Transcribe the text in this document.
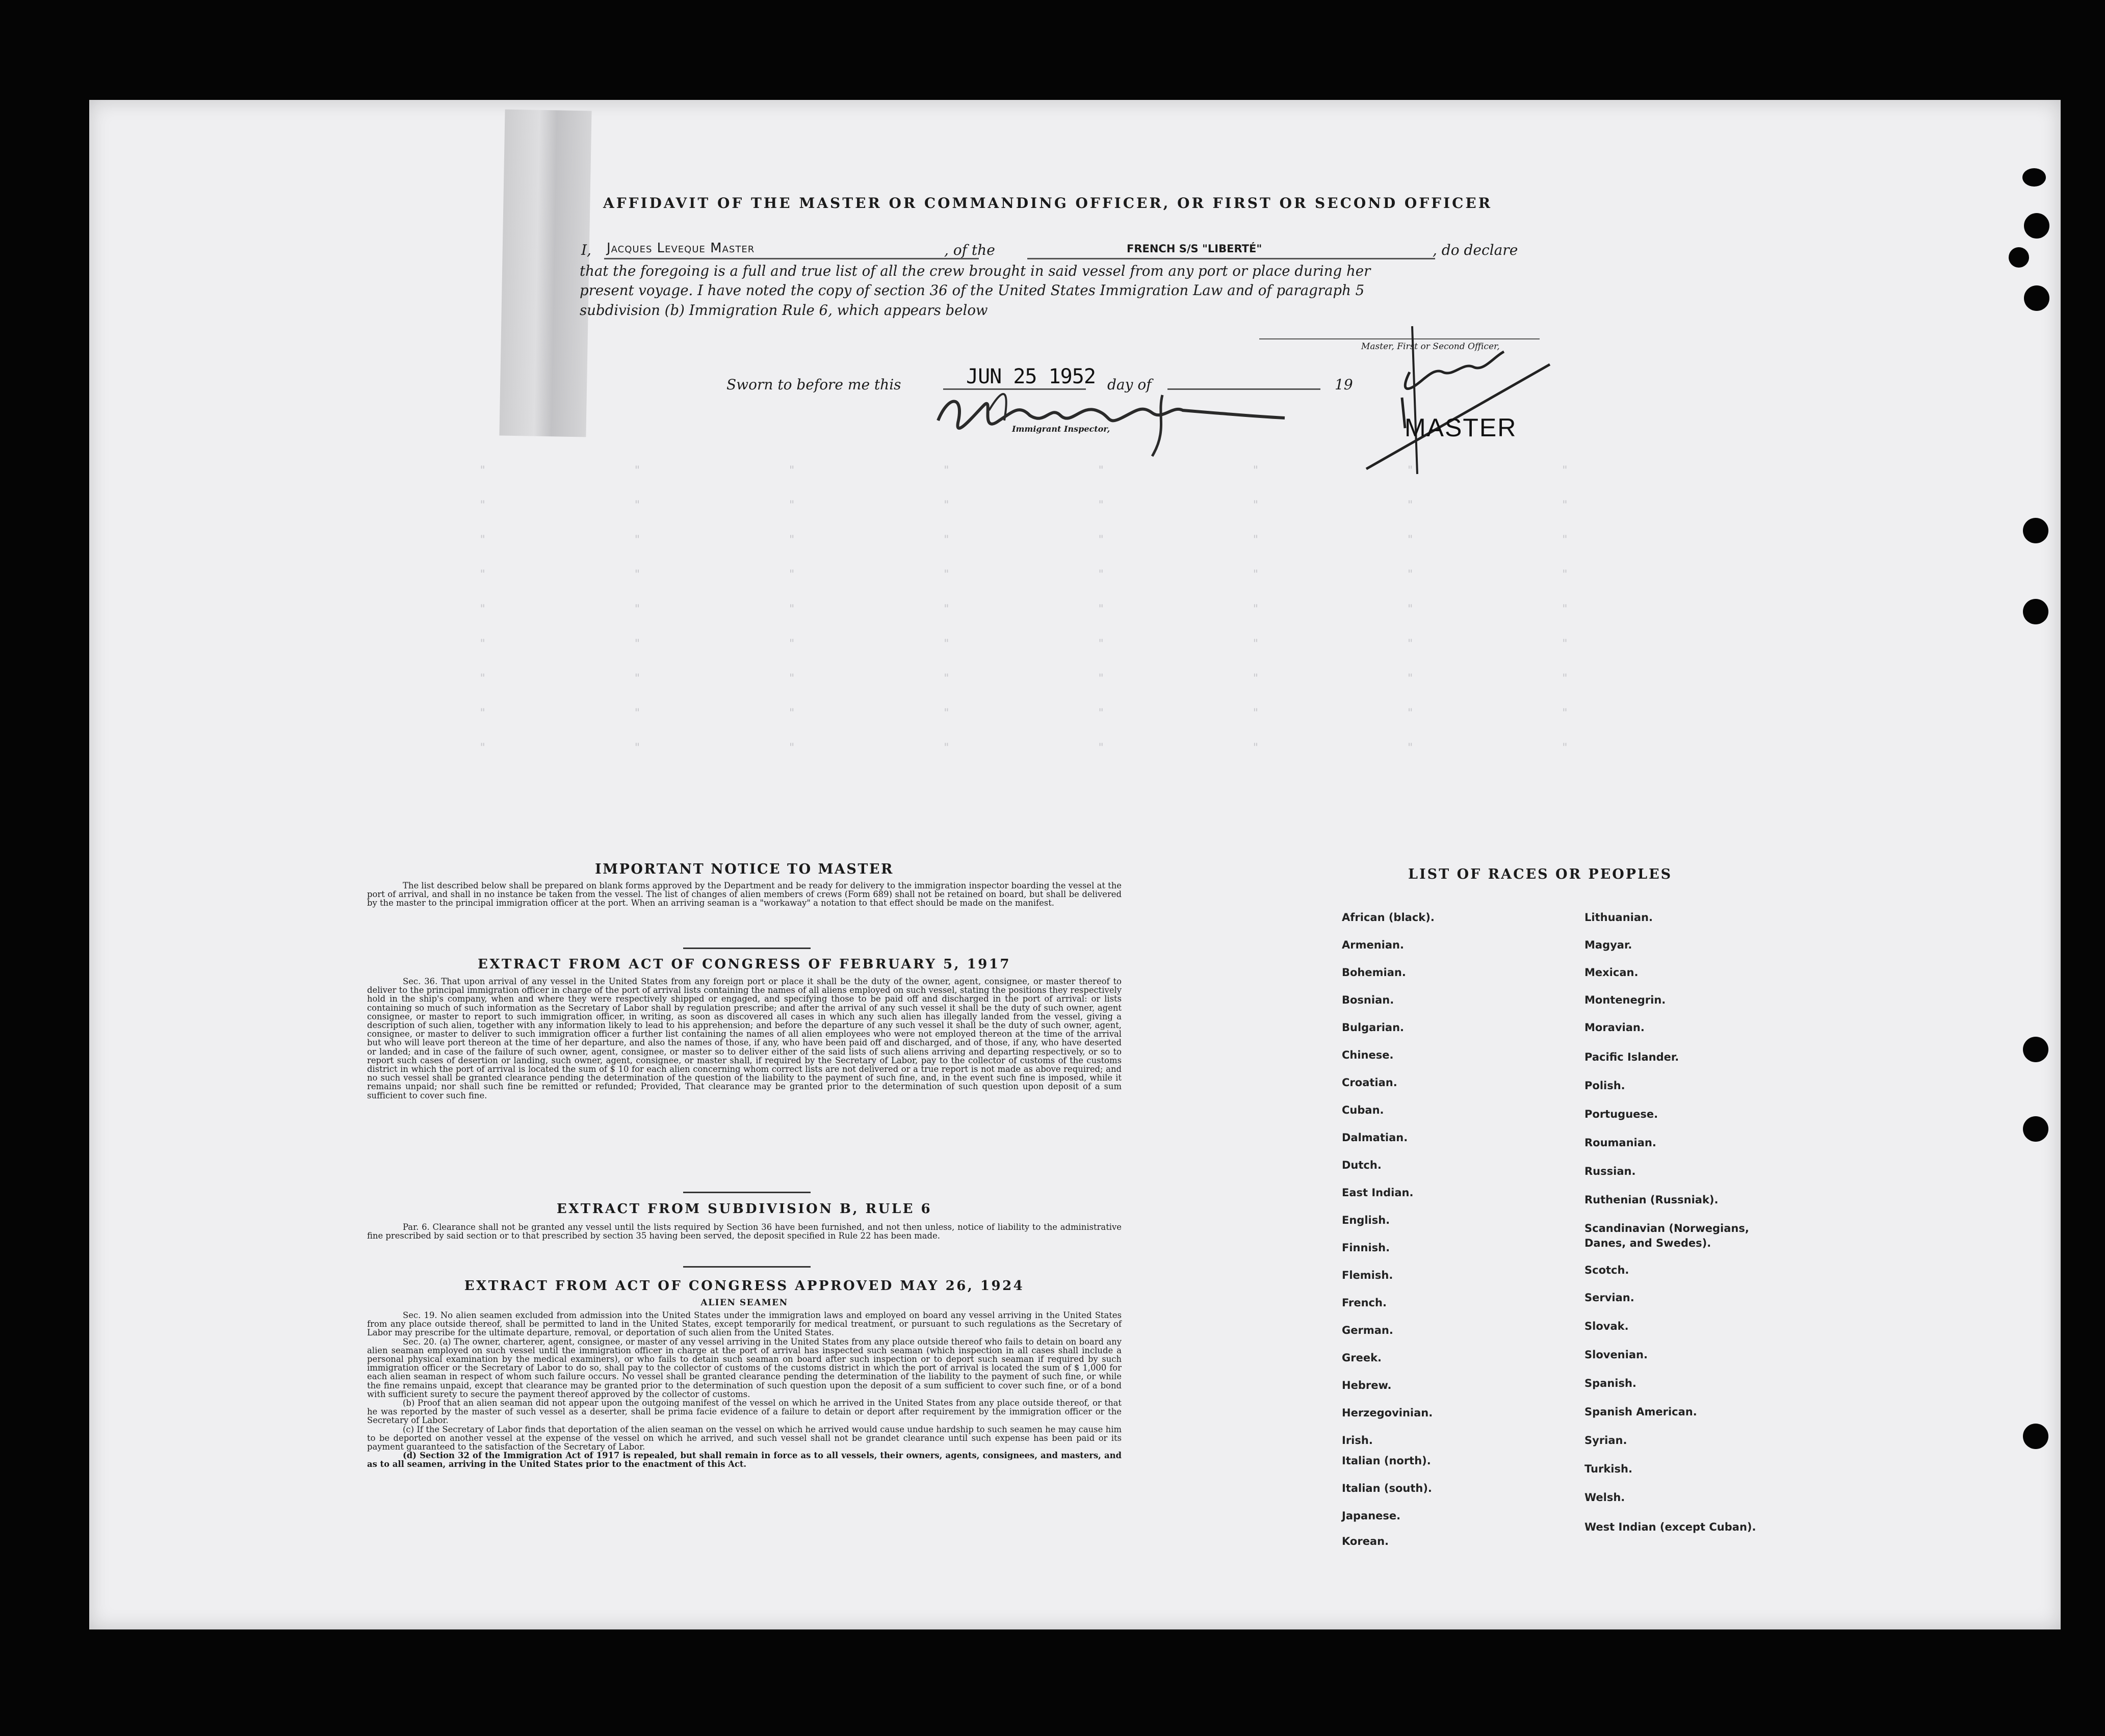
""""""""
""""""""
""""""""
""""""""
""""""""
""""""""
""""""""
""""""""
""""""""
AFFIDAVIT OF THE MASTER OR COMMANDING OFFICER, OR FIRST OR SECOND OFFICER
I, Jacques Leveque Master	, of the	FRENCH S/S "LIBERTÉ"	, do declare
that the foregoing is a full and true list of all the crew brought in said vessel from any port or place during her
present voyage. I have noted the copy of section 36 of the United States Immigration Law and of paragraph 5
subdivision (b) Immigration Rule 6, which appears below
Master, First or Second Officer,
Sworn to before me this	JUN 25 1952 day of	19
Immigrant Inspector,	MASTER
IMPORTANT NOTICE TO MASTER

The list described below shall be prepared on blank forms approved by the Department and be ready for delivery to the immigration inspector boarding the vessel at the port of arrival, and shall in no instance be taken from the vessel. The list of changes of alien members of crews (Form 689) shall not be retained on board, but shall be delivered by the master to the principal immigration officer at the port. When an arriving seaman is a "workaway" a notation to that effect should be made on the manifest.

EXTRACT FROM ACT OF CONGRESS OF FEBRUARY 5, 1917

Sec. 36. That upon arrival of any vessel in the United States from any foreign port or place it shall be the duty of the owner, agent, consignee, or master thereof to deliver to the principal immigration officer in charge of the port of arrival lists containing the names of all aliens employed on such vessel, stating the positions they respectively hold in the ship's company, when and where they were respectively shipped or engaged, and specifying those to be paid off and discharged in the port of arrival: or lists containing so much of such information as the Secretary of Labor shall by regulation prescribe; and after the arrival of any such vessel it shall be the duty of such owner, agent consignee, or master to report to such immigration officer, in writing, as soon as discovered all cases in which any such alien has illegally landed from the vessel, giving a description of such alien, together with any information likely to lead to his apprehension; and before the departure of any such vessel it shall be the duty of such owner, agent, consignee, or master to deliver to such immigration officer a further list containing the names of all alien employees who were not employed thereon at the time of the arrival but who will leave port thereon at the time of her departure, and also the names of those, if any, who have been paid off and discharged, and of those, if any, who have deserted or landed; and in case of the failure of such owner, agent, consignee, or master so to deliver either of the said lists of such aliens arriving and departing respectively, or so to report such cases of desertion or landing, such owner, agent, consignee, or master shall, if required by the Secretary of Labor, pay to the collector of customs of the customs district in which the port of arrival is located the sum of $ 10 for each alien concerning whom correct lists are not delivered or a true report is not made as above required; and no such vessel shall be granted clearance pending the determination of the question of the liability to the payment of such fine, and, in the event such fine is imposed, while it remains unpaid; nor shall such fine be remitted or refunded; Provided, That clearance may be granted prior to the determination of such question upon deposit of a sum sufficient to cover such fine.

EXTRACT FROM SUBDIVISION B, RULE 6

Par. 6. Clearance shall not be granted any vessel until the lists required by Section 36 have been furnished, and not then unless, notice of liability to the administrative fine prescribed by said section or to that prescribed by section 35 having been served, the deposit specified in Rule 22 has been made.

EXTRACT FROM ACT OF CONGRESS APPROVED MAY 26, 1924
ALIEN SEAMEN

Sec. 19. No alien seamen excluded from admission into the United States under the immigration laws and employed on board any vessel arriving in the United States from any place outside thereof, shall be permitted to land in the United States, except temporarily for medical treatment, or pursuant to such regulations as the Secretary of Labor may prescribe for the ultimate departure, removal, or deportation of such alien from the United States.

Sec. 20. (a) The owner, charterer, agent, consignee, or master of any vessel arriving in the United States from any place outside thereof who fails to detain on board any alien seaman employed on such vessel until the immigration officer in charge at the port of arrival has inspected such seaman (which inspection in all cases shall include a personal physical examination by the medical examiners), or who fails to detain such seaman on board after such inspection or to deport such seaman if required by such immigration officer or the Secretary of Labor to do so, shall pay to the collector of customs of the customs district in which the port of arrival is located the sum of $ 1,000 for each alien seaman in respect of whom such failure occurs. No vessel shall be granted clearance pending the determination of the liability to the payment of such fine, or while the fine remains unpaid, except that clearance may be granted prior to the determination of such question upon the deposit of a sum sufficient to cover such fine, or of a bond with sufficient surety to secure the payment thereof approved by the collector of customs.

(b) Proof that an alien seaman did not appear upon the outgoing manifest of the vessel on which he arrived in the United States from any place outside thereof, or that he was reported by the master of such vessel as a deserter, shall be prima facie evidence of a failure to detain or deport after requirement by the immigration officer or the Secretary of Labor.

(c) If the Secretary of Labor finds that deportation of the alien seaman on the vessel on which he arrived would cause undue hardship to such seamen he may cause him to be deported on another vessel at the expense of the vessel on which he arrived, and such vessel shall not be grandet clearance until such expense has been paid or its payment guaranteed to the satisfaction of the Secretary of Labor.

(d) Section 32 of the Immigration Act of 1917 is repealed, but shall remain in force as to all vessels, their owners, agents, consignees, and masters, and as to all seamen, arriving in the United States prior to the enactment of this Act.

LIST OF RACES OR PEOPLES
African (black).
Armenian.
Bohemian.
Bosnian.
Bulgarian.
Chinese.
Croatian.
Cuban.
Dalmatian.
Dutch.
East Indian.
English.
Finnish.
Flemish.
French.
German.
Greek.
Hebrew.
Herzegovinian.
Irish.
Italian (north).
Italian (south).
Japanese.
Korean.
Lithuanian.
Magyar.
Mexican.
Montenegrin.
Moravian.
Pacific Islander.
Polish.
Portuguese.
Roumanian.
Russian.
Ruthenian (Russniak).
Scandinavian (Norwegians, Danes, and Swedes).
Scotch.
Servian.
Slovak.
Slovenian.
Spanish.
Spanish American.
Syrian.
Turkish.
Welsh.
West Indian (except Cuban).
